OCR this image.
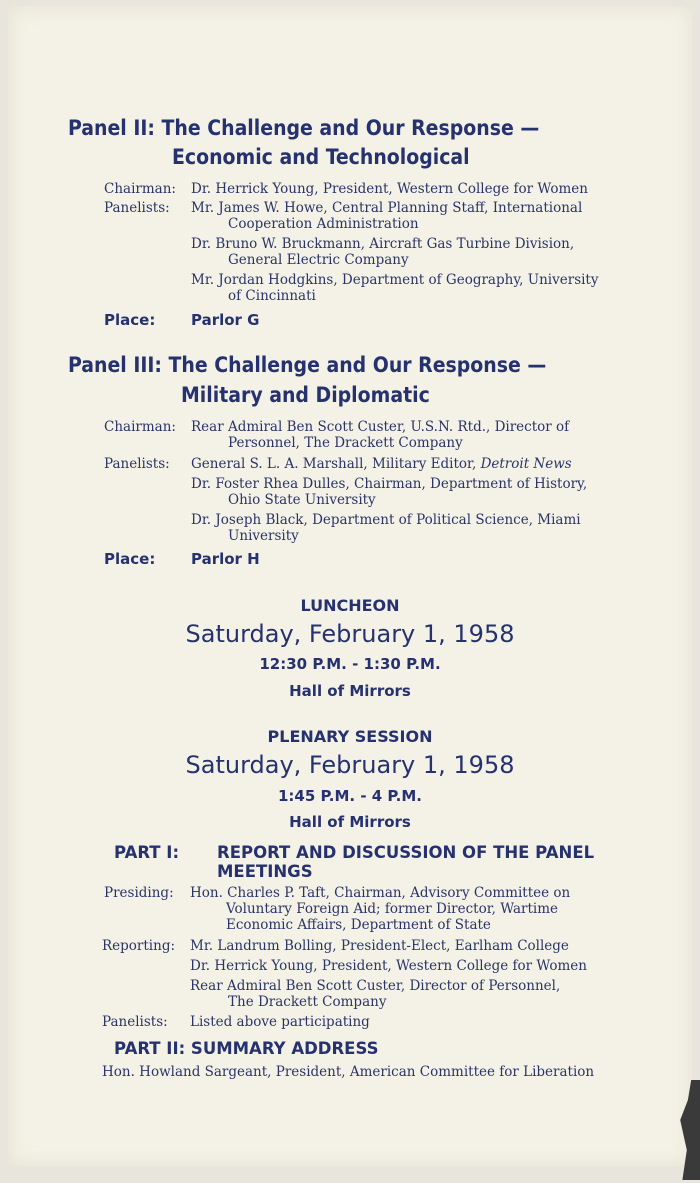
Panel II: The Challenge and Our Response —
Economic and Technological
Chairman: Dr. Herrick Young, President, Western College for Women
Panelists: Mr. James W. Howe, Central Planning Staff, International
Cooperation Administration
Dr. Bruno W. Bruckmann, Aircraft Gas Turbine Division,
General Electric Company
Mr. Jordan Hodgkins, Department of Geography, University
of Cincinnati
Place: Parlor G
Panel III: The Challenge and Our Response —
Military and Diplomatic
Chairman: Rear Admiral Ben Scott Custer, U.S.N. Rtd., Director of
Personnel, The Drackett Company
Panelists: General S. L. A. Marshall, Military Editor, Detroit News
Dr. Foster Rhea Dulles, Chairman, Department of History,
Ohio State University
Dr. Joseph Black, Department of Political Science, Miami
University
Place: Parlor H
LUNCHEON
Saturday, February 1, 1958
12:30 P.M. - 1:30 P.M.
Hall of Mirrors
PLENARY SESSION
Saturday, February 1, 1958
1:45 P.M. - 4 P.M.
Hall of Mirrors
PART I: REPORT AND DISCUSSION OF THE PANEL
MEETINGS
Presiding: Hon. Charles P. Taft, Chairman, Advisory Committee on
Voluntary Foreign Aid; former Director, Wartime
Economic Affairs, Department of State
Reporting: Mr. Landrum Bolling, President-Elect, Earlham College
Dr. Herrick Young, President, Western College for Women
Rear Admiral Ben Scott Custer, Director of Personnel,
The Drackett Company
Panelists: Listed above participating
PART II: SUMMARY ADDRESS
Hon. Howland Sargeant, President, American Committee for Liberation
